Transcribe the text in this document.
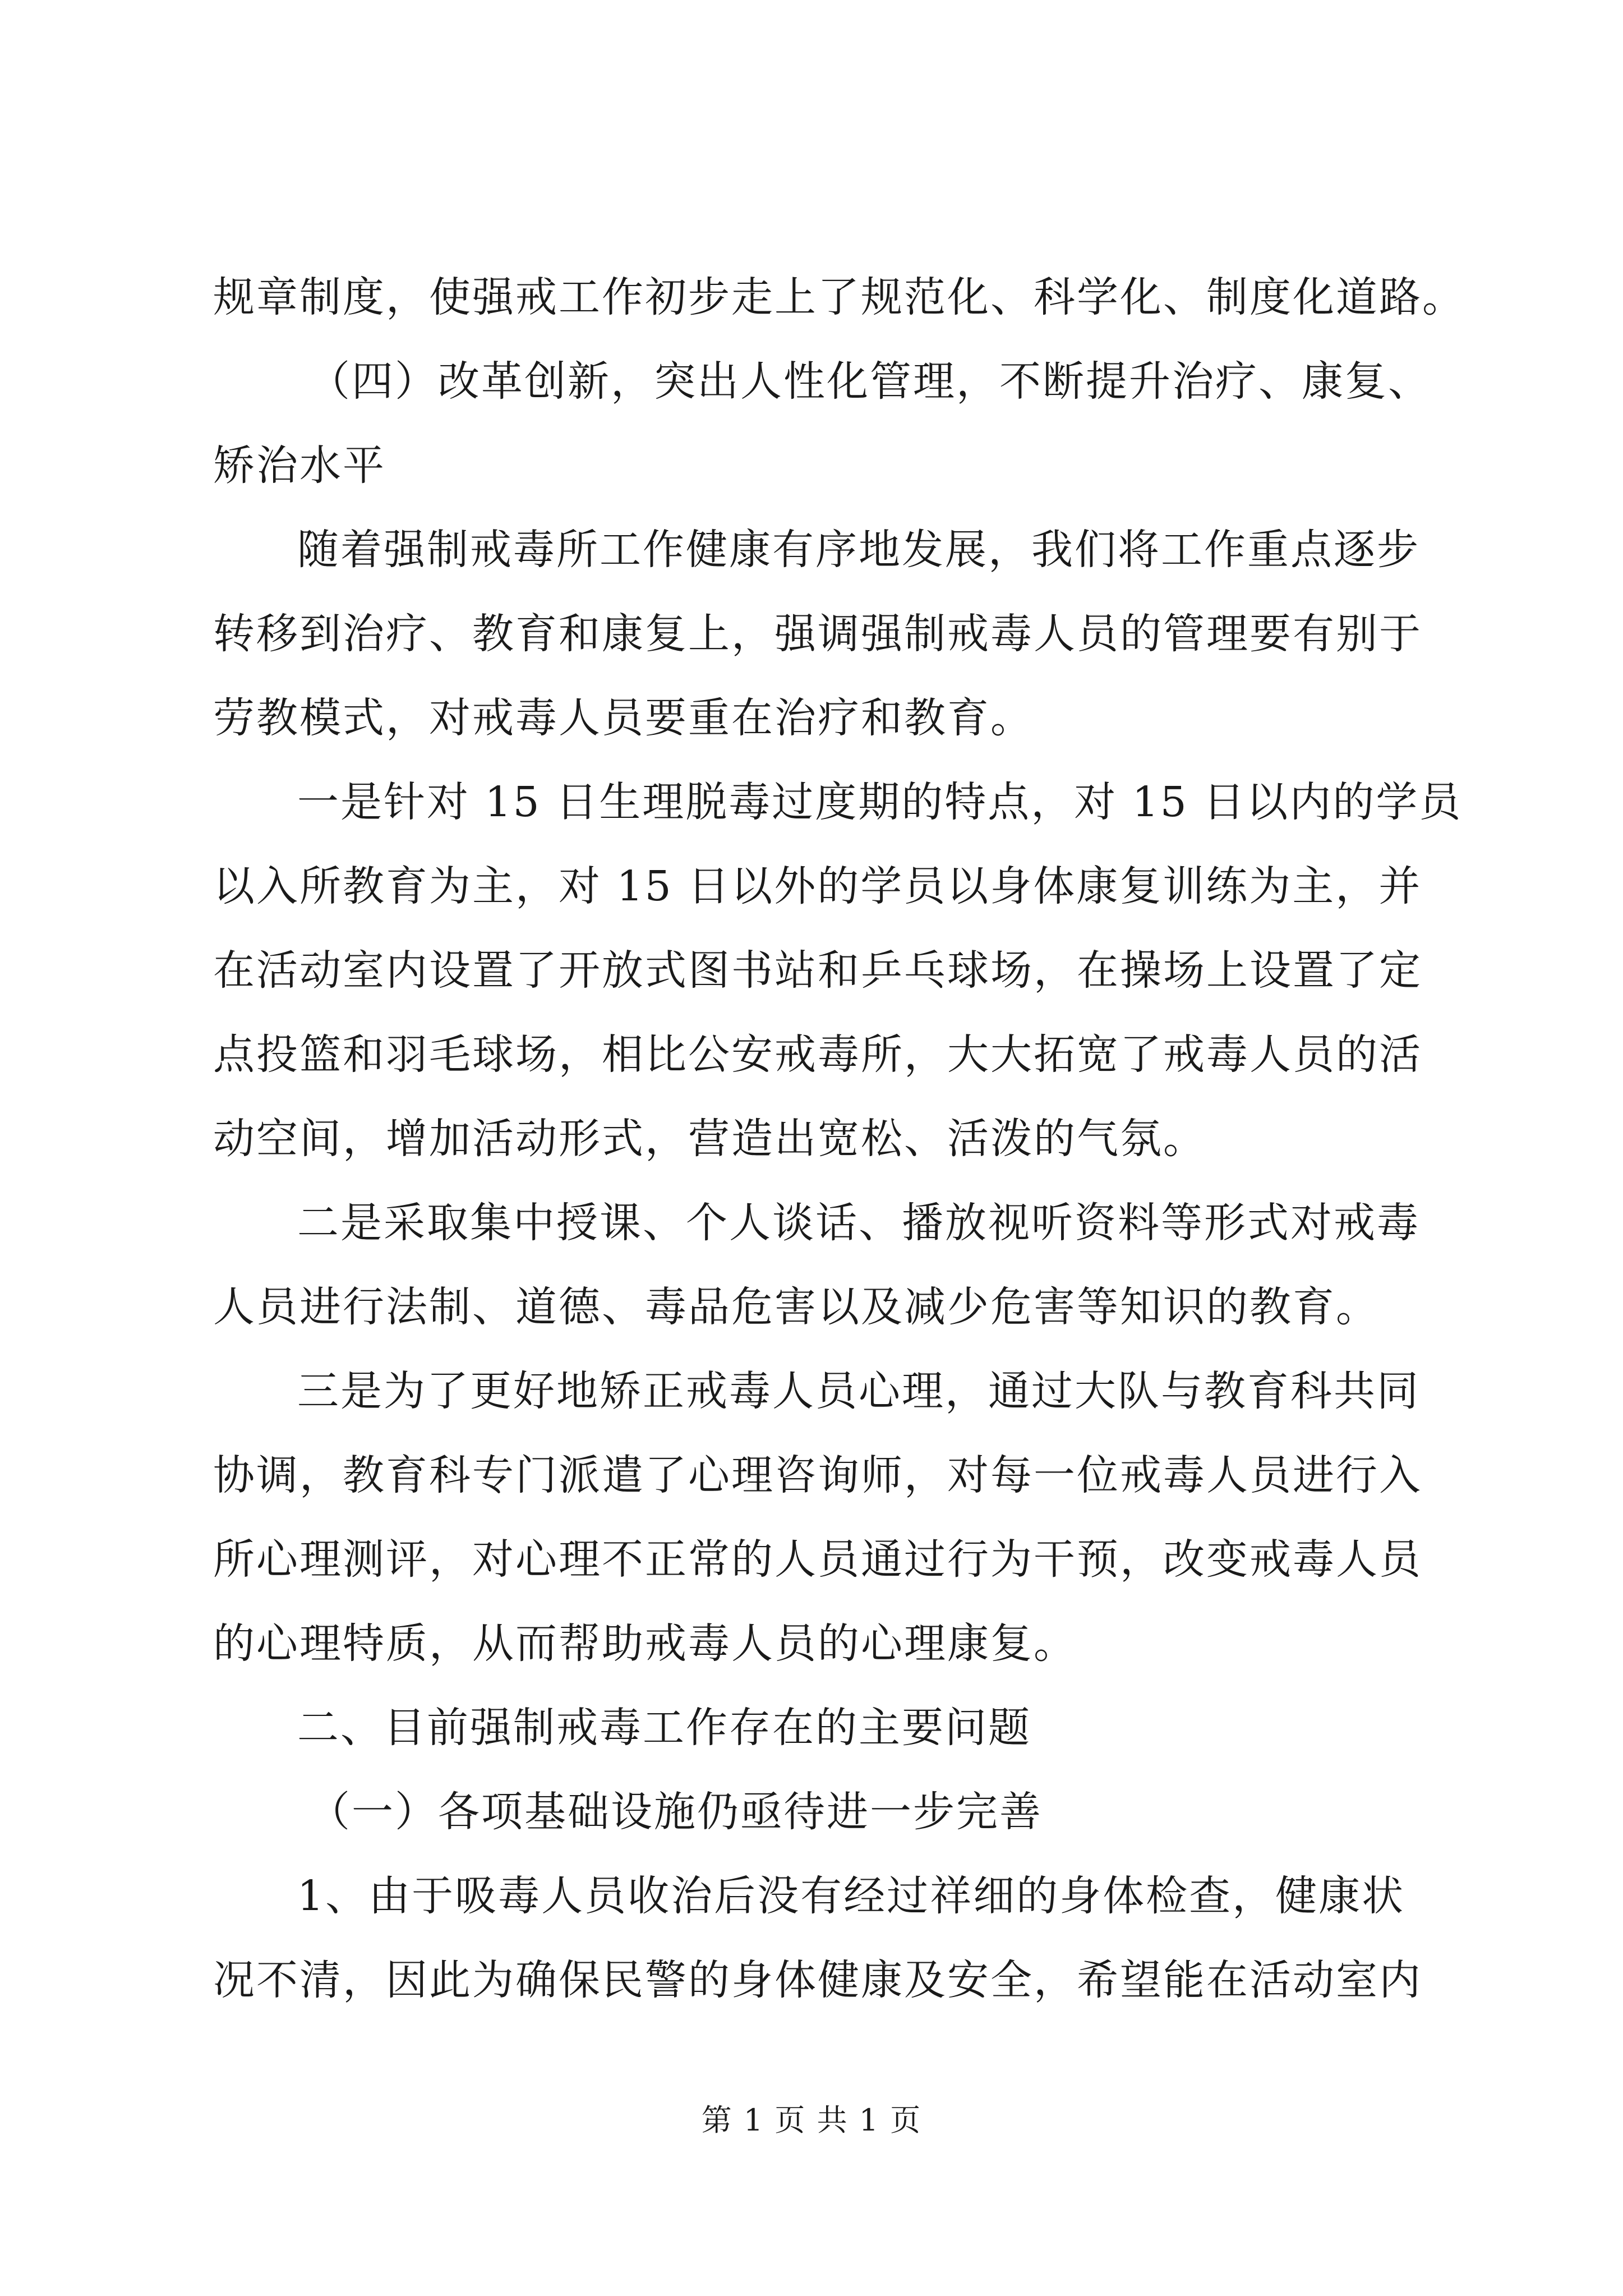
规章制度，使强戒工作初步走上了规范化、科学化、制度化道路。
（四）改革创新，突出人性化管理，不断提升治疗、康复、
矫治水平
随着强制戒毒所工作健康有序地发展，我们将工作重点逐步
转移到治疗、教育和康复上，强调强制戒毒人员的管理要有别于
劳教模式，对戒毒人员要重在治疗和教育。
一是针对 15 日生理脱毒过度期的特点，对 15 日以内的学员
以入所教育为主，对 15 日以外的学员以身体康复训练为主，并
在活动室内设置了开放式图书站和乒乓球场，在操场上设置了定
点投篮和羽毛球场，相比公安戒毒所，大大拓宽了戒毒人员的活
动空间，增加活动形式，营造出宽松、活泼的气氛。
二是采取集中授课、个人谈话、播放视听资料等形式对戒毒
人员进行法制、道德、毒品危害以及减少危害等知识的教育。
三是为了更好地矫正戒毒人员心理，通过大队与教育科共同
协调，教育科专门派遣了心理咨询师，对每一位戒毒人员进行入
所心理测评，对心理不正常的人员通过行为干预，改变戒毒人员
的心理特质，从而帮助戒毒人员的心理康复。
二、目前强制戒毒工作存在的主要问题
（一）各项基础设施仍亟待进一步完善
1、由于吸毒人员收治后没有经过祥细的身体检查，健康状
况不清，因此为确保民警的身体健康及安全，希望能在活动室内
第 1 页 共 1 页
